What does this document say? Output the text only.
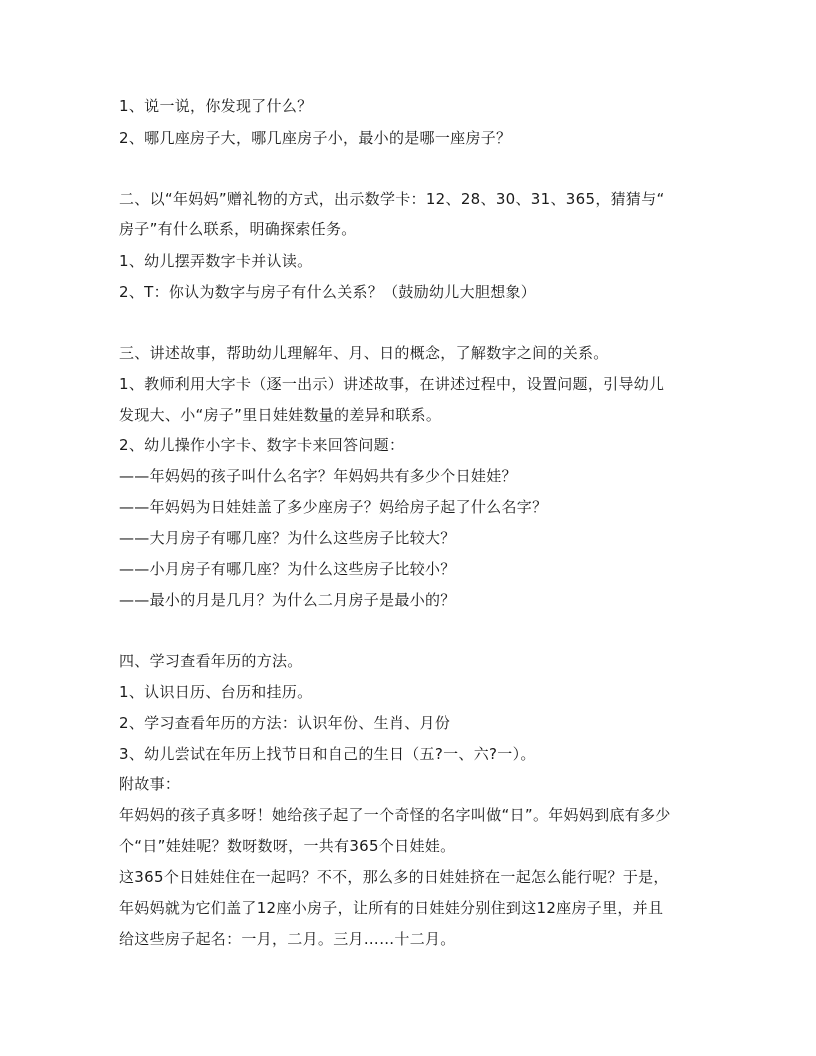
1、说一说，你发现了什么？
2、哪几座房子大，哪几座房子小，最小的是哪一座房子？
二、以“年妈妈”赠礼物的方式，出示数学卡：12、28、30、31、365，猜猜与“
房子”有什么联系，明确探索任务。
1、幼儿摆弄数字卡并认读。
2、T：你认为数字与房子有什么关系？（鼓励幼儿大胆想象）
三、讲述故事，帮助幼儿理解年、月、日的概念，了解数字之间的关系。
1、教师利用大字卡（逐一出示）讲述故事，在讲述过程中，设置问题，引导幼儿
发现大、小“房子”里日娃娃数量的差异和联系。
2、幼儿操作小字卡、数字卡来回答问题：
——年妈妈的孩子叫什么名字？年妈妈共有多少个日娃娃？
——年妈妈为日娃娃盖了多少座房子？妈给房子起了什么名字？
——大月房子有哪几座？为什么这些房子比较大？
——小月房子有哪几座？为什么这些房子比较小？
——最小的月是几月？为什么二月房子是最小的？
四、学习查看年历的方法。
1、认识日历、台历和挂历。
2、学习查看年历的方法：认识年份、生肖、月份
3、幼儿尝试在年历上找节日和自己的生日（五?一、六?一）。
附故事：
年妈妈的孩子真多呀！她给孩子起了一个奇怪的名字叫做“日”。年妈妈到底有多少
个“日”娃娃呢？数呀数呀，一共有365个日娃娃。
这365个日娃娃住在一起吗？不不，那么多的日娃娃挤在一起怎么能行呢？于是，
年妈妈就为它们盖了12座小房子，让所有的日娃娃分别住到这12座房子里，并且
给这些房子起名：一月，二月。三月……十二月。
